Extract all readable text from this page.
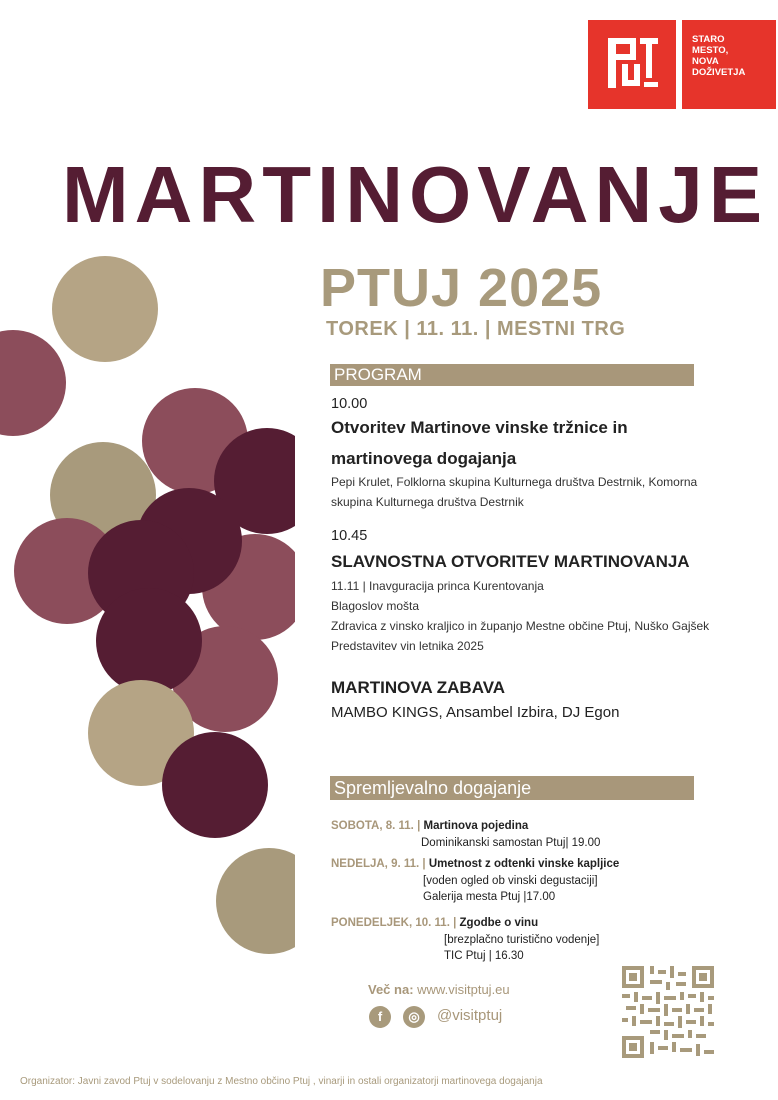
STARO
MESTO,
NOVA
DOŽIVETJA
MARTINOVANJE
PTUJ 2025
TOREK | 11. 11. | MESTNI TRG
PROGRAM
10.00
Otvoritev Martinove vinske tržnice in
martinovega dogajanja
Pepi Krulet, Folklorna skupina Kulturnega društva Destrnik, Komorna
skupina Kulturnega društva Destrnik
10.45
SLAVNOSTNA OTVORITEV MARTINOVANJA
11.11 | Inavguracija princa Kurentovanja
Blagoslov mošta
Zdravica z vinsko kraljico in županjo Mestne občine Ptuj, Nuško Gajšek
Predstavitev vin letnika 2025
MARTINOVA ZABAVA
MAMBO KINGS, Ansambel Izbira, DJ Egon
Spremljevalno dogajanje
SOBOTA, 8. 11. | Martinova pojedina
Dominikanski samostan Ptuj| 19.00
NEDELJA, 9. 11. | Umetnost z odtenki vinske kapljice
[voden ogled ob vinski degustaciji]
Galerija mesta Ptuj |17.00
PONEDELJEK, 10. 11. | Zgodbe o vinu
[brezplačno turistično vodenje]
TIC Ptuj | 16.30
Več na: www.visitptuj.eu
f	◎	@visitptuj
Organizator: Javni zavod Ptuj v sodelovanju z Mestno občino Ptuj , vinarji in ostali organizatorji martinovega dogajanja
